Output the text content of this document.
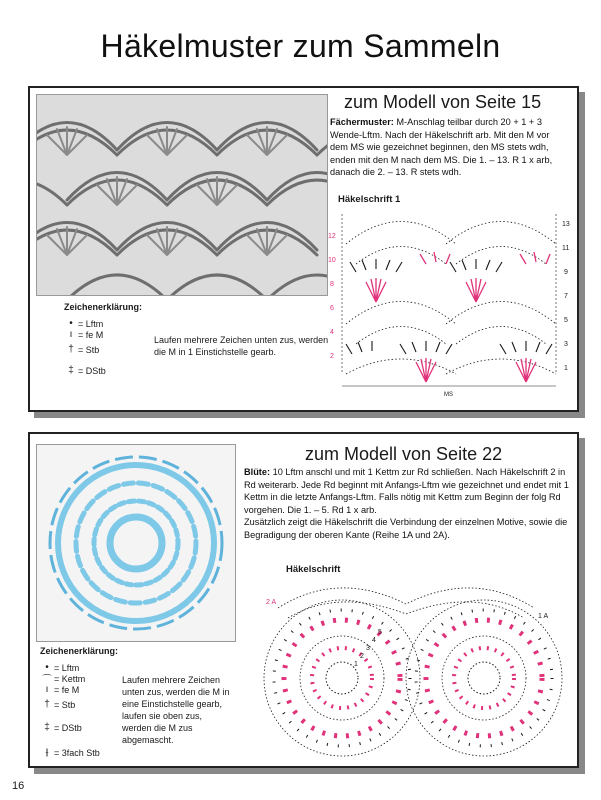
Häkelmuster zum Sammeln
zum Modell von Seite 15

Fächermuster: M-Anschlag teilbar durch 20 + 1 + 3 Wende-Lftm. Nach der Häkelschrift arb. Mit den M vor dem MS wie gezeichnet beginnen, den MS stets wdh, enden mit den M nach dem MS. Die 1. – 13. R 1 x arb, danach die 2. – 13. R stets wdh.

Häkelschrift 1
12
10
8
6
4
2
13
11
9
7
5
3
1
MS
Zeichenerklärung:
• = Lftm
ı = fe M
† = Stb
‡ = DStb
Laufen mehrere Zeichen unten zus, werden die M in 1 Einstichstelle gearb.
zum Modell von Seite 22

Blüte: 10 Lftm anschl und mit 1 Kettm zur Rd schließen. Nach Häkelschrift 2 in Rd weiterarb. Jede Rd beginnt mit Anfangs-Lftm wie gezeichnet und endet mit 1 Kettm in die letzte Anfangs-Lftm. Falls nötig mit Kettm zum Beginn der folg Rd vorgehen. Die 1. – 5. Rd 1 x arb.

Zusätzlich zeigt die Häkelschrift die Verbindung der einzelnen Motive, sowie die Begradigung der oberen Kante (Reihe 1A und 2A).

Häkelschrift
2 A
1 A
1
2
3
4
5
Zeichenerklärung:
• = Lftm
⌒ = Kettm
ı = fe M
† = Stb
‡ = DStb
⫲ = 3fach Stb
Laufen mehrere Zeichen unten zus, werden die M in eine Einstichstelle gearb, laufen sie oben zus, werden die M zus abgemascht.
16
